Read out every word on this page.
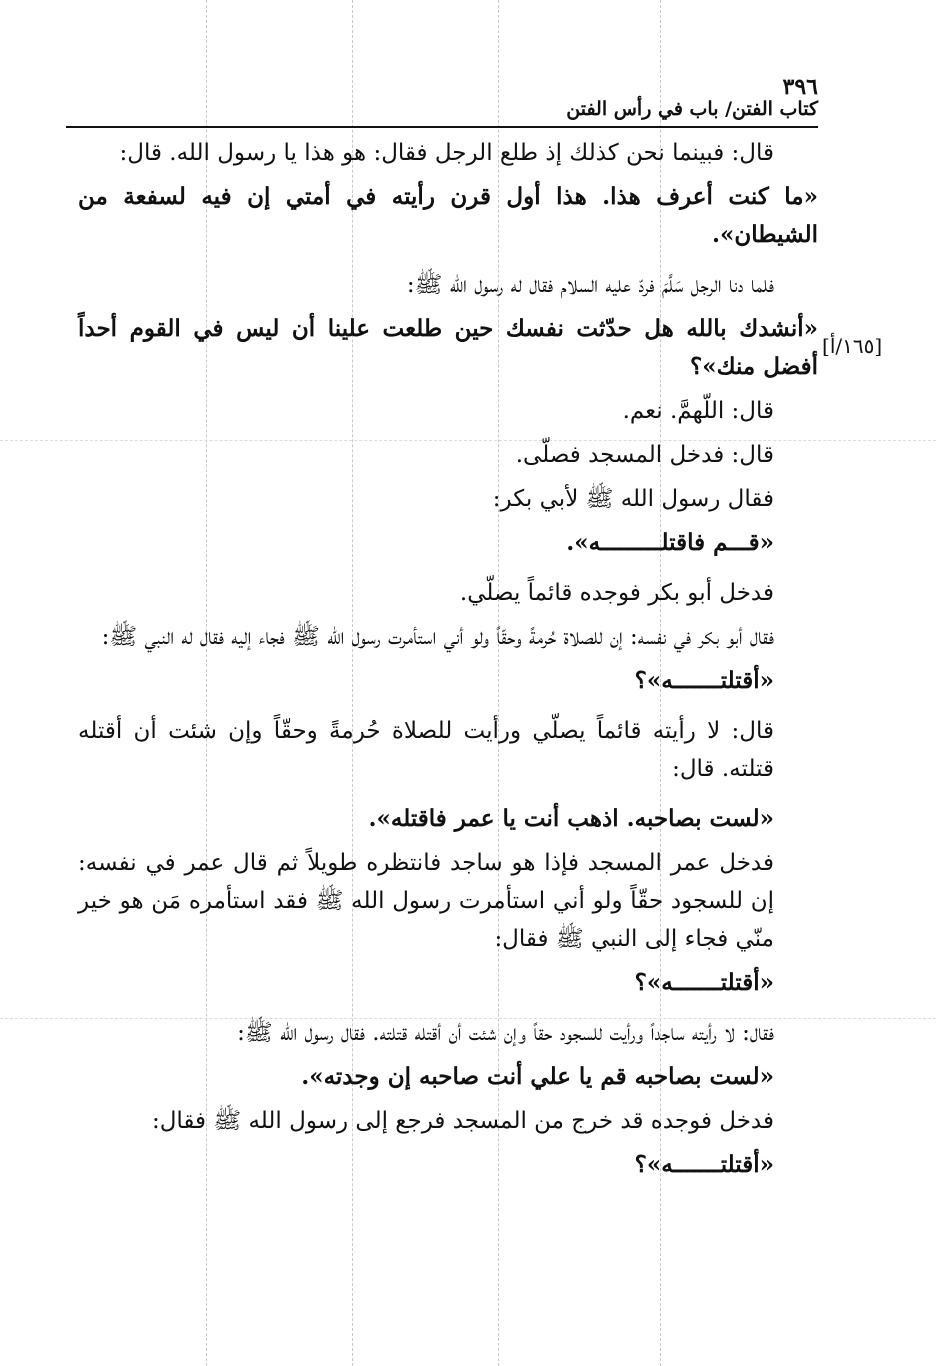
٣٩٦
كتاب الفتن/ باب في رأس الفتن
[١٦٥/أ]

قال: فبينما نحن كذلك إذ طلع الرجل فقال: هو هذا يا رسول الله. قال:

«ما كنت أعرف هذا. هذا أول قرن رأيته في أمتي إن فيه لسفعة من الشيطان».

فلما دنا الرجل سَلَّمَ فردّ عليه السلام فقال له رسول الله ﷺ:

«أنشدك بالله هل حدّثت نفسك حين طلعت علينا أن ليس في القوم أحداً أفضل منك»؟

قال: اللّهمَّ. نعم.

قال: فدخل المسجد فصلّى.

فقال رسول الله ﷺ لأبي بكر:

«قـــم فاقتلـــــــــه».

فدخل أبو بكر فوجده قائماً يصلّي.

فقال أبو بكر في نفسه: إن للصلاة حُرمةً وحقّاً ولو أني استأمرت رسول الله ﷺ فجاء إليه فقال له النبي ﷺ:

«أقتلتـــــــه»؟

قال: لا رأيته قائماً يصلّي ورأيت للصلاة حُرمةً وحقّاً وإن شئت أن أقتله قتلته. قال:

«لست بصاحبه. اذهب أنت يا عمر فاقتله».

فدخل عمر المسجد فإذا هو ساجد فانتظره طويلاً ثم قال عمر في نفسه: إن للسجود حقّاً ولو أني استأمرت رسول الله ﷺ فقد استأمره مَن هو خير منّي فجاء إلى النبي ﷺ فقال:

«أقتلتـــــــه»؟

فقال: لا رأيته ساجداً ورأيت للسجود حقاً وإن شئت أن أقتله قتلته. فقال رسول الله ﷺ:

«لست بصاحبه قم يا علي أنت صاحبه إن وجدته».

فدخل فوجده قد خرج من المسجد فرجع إلى رسول الله ﷺ فقال:

«أقتلتـــــــه»؟
